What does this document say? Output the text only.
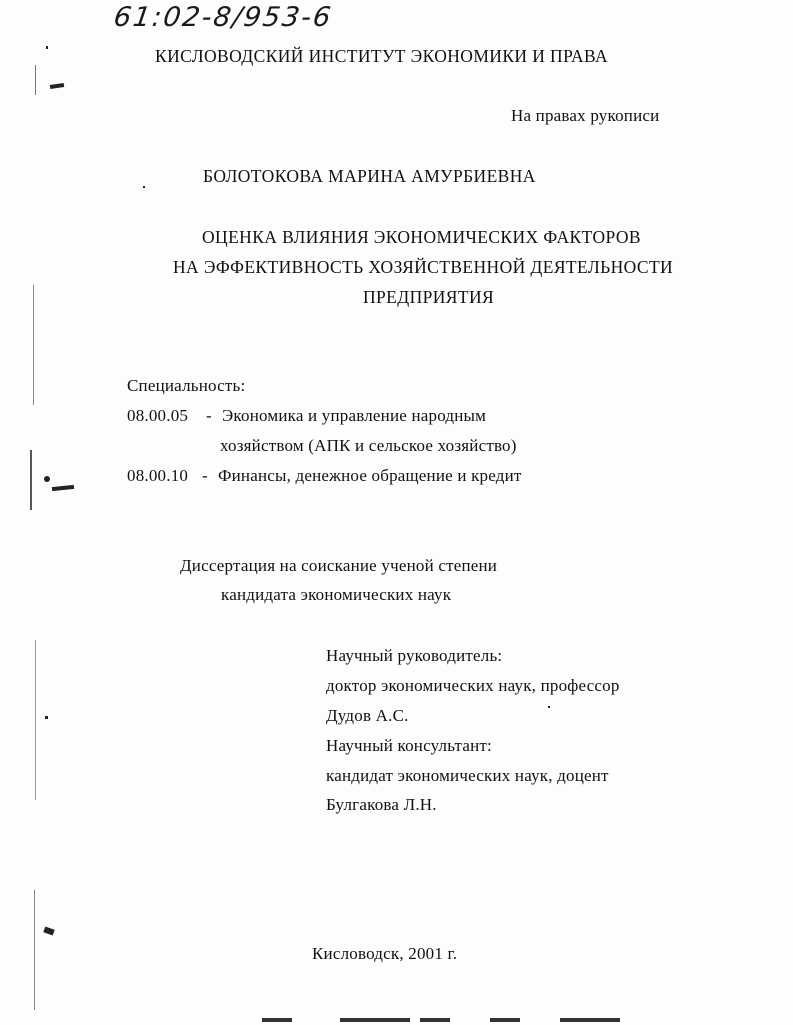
61:02-8/953-6
КИСЛОВОДСКИЙ ИНСТИТУТ ЭКОНОМИКИ И ПРАВА
На правах рукописи
БОЛОТОКОВА МАРИНА АМУРБИЕВНА
ОЦЕНКА ВЛИЯНИЯ ЭКОНОМИЧЕСКИХ ФАКТОРОВ
НА ЭФФЕКТИВНОСТЬ ХОЗЯЙСТВЕННОЙ ДЕЯТЕЛЬНОСТИ
ПРЕДПРИЯТИЯ
Специальность:
08.00.05 - Экономика и управление народным
хозяйством (АПК и сельское хозяйство)
08.00.10 - Финансы, денежное обращение и кредит
Диссертация на соискание ученой степени
кандидата экономических наук
Научный руководитель:
доктор экономических наук, профессор
Дудов А.С.
Научный консультант:
кандидат экономических наук, доцент
Булгакова Л.Н.
Кисловодск, 2001 г.
